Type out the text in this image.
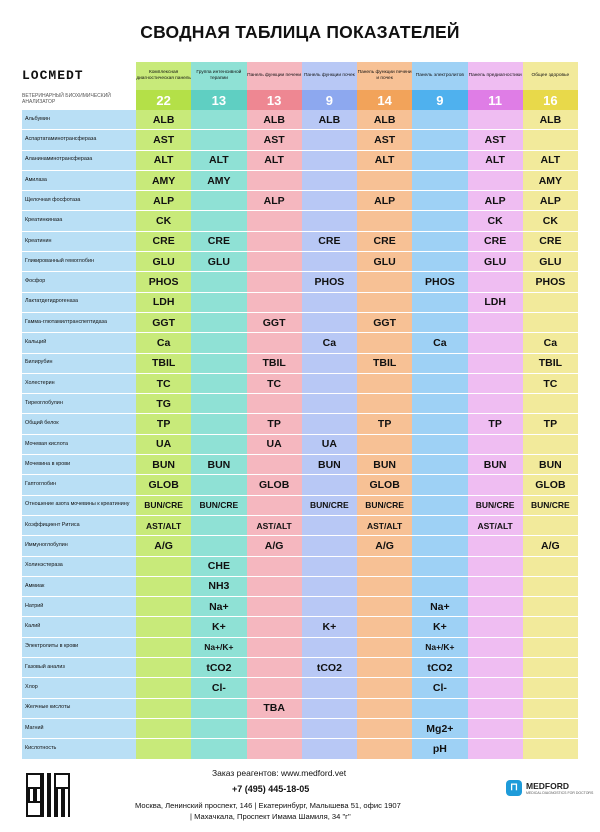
СВОДНАЯ ТАБЛИЦА ПОКАЗАТЕЛЕЙ
LOCMEDT
ВЕТЕРИНАРНЫЙ БИОХИМИЧЕСКИЙ АНАЛИЗАТОР
	Комплексная диагностическая панель	Группа интенсивной терапии	Панель функции печени	Панель функции почек	Панель функции печени и почек	Панель электролитов	Панель предиагностики	Общее здоровье
	22	13	13	9	14	9	11	16
Альбумин	ALB		ALB	ALB	ALB			ALB
Аспартатаминотрансфераза	AST		AST		AST		AST	
Аланинаминотрансфераза	ALT	ALT	ALT		ALT		ALT	ALT
Амилаза	AMY	AMY						AMY
Щелочная фосфотаза	ALP		ALP		ALP		ALP	ALP
Креатинкиназа	CK						CK	CK
Креатинин	CRE	CRE		CRE	CRE		CRE	CRE
Гликированный гемоглобин	GLU	GLU			GLU		GLU	GLU
Фосфор	PHOS			PHOS		PHOS		PHOS
Лактатдегидрогеназа	LDH						LDH	
Гамма-глютамилтранспептидаза	GGT		GGT		GGT			
Кальций	Ca			Ca		Ca		Ca
Билирубин	TBIL		TBIL		TBIL			TBIL
Холестерин	TC		TC					TC
Тиреоглобулин	TG							
Общий белок	TP		TP		TP		TP	TP
Мочевая кислота	UA		UA	UA				
Мочевина в крови	BUN	BUN		BUN	BUN		BUN	BUN
Гаптоглобин	GLOB		GLOB		GLOB			GLOB
Отношение азота мочевины к креатинину	BUN/CRE	BUN/CRE		BUN/CRE	BUN/CRE		BUN/CRE	BUN/CRE
Коэффициент Ритиса	AST/ALT		AST/ALT		AST/ALT		AST/ALT	
Иммуноглобулин	A/G		A/G		A/G			A/G
Холинэстераза		CHE						
Аммиак		NH3						
Натрий		Na+				Na+		
Калий		K+		K+		K+		
Электролиты в крови		Na+/K+				Na+/K+		
Газовый анализ		tCO2		tCO2		tCO2		
Хлор		Cl-				Cl-		
Желчные кислоты			TBA					
Магний						Mg2+		
Кислотность						pH		
Заказ реагентов: www.medford.vet
+7 (495) 445-18-05
Москва, Ленинский проспект, 146 | Екатеринбург, Малышева 51, офис 1907
| Махачкала, Проспект Имама Шамиля, 34 "г"
⊓ MEDFORD
MEDICAL DIAGNOSTICS FOR DOCTORS
